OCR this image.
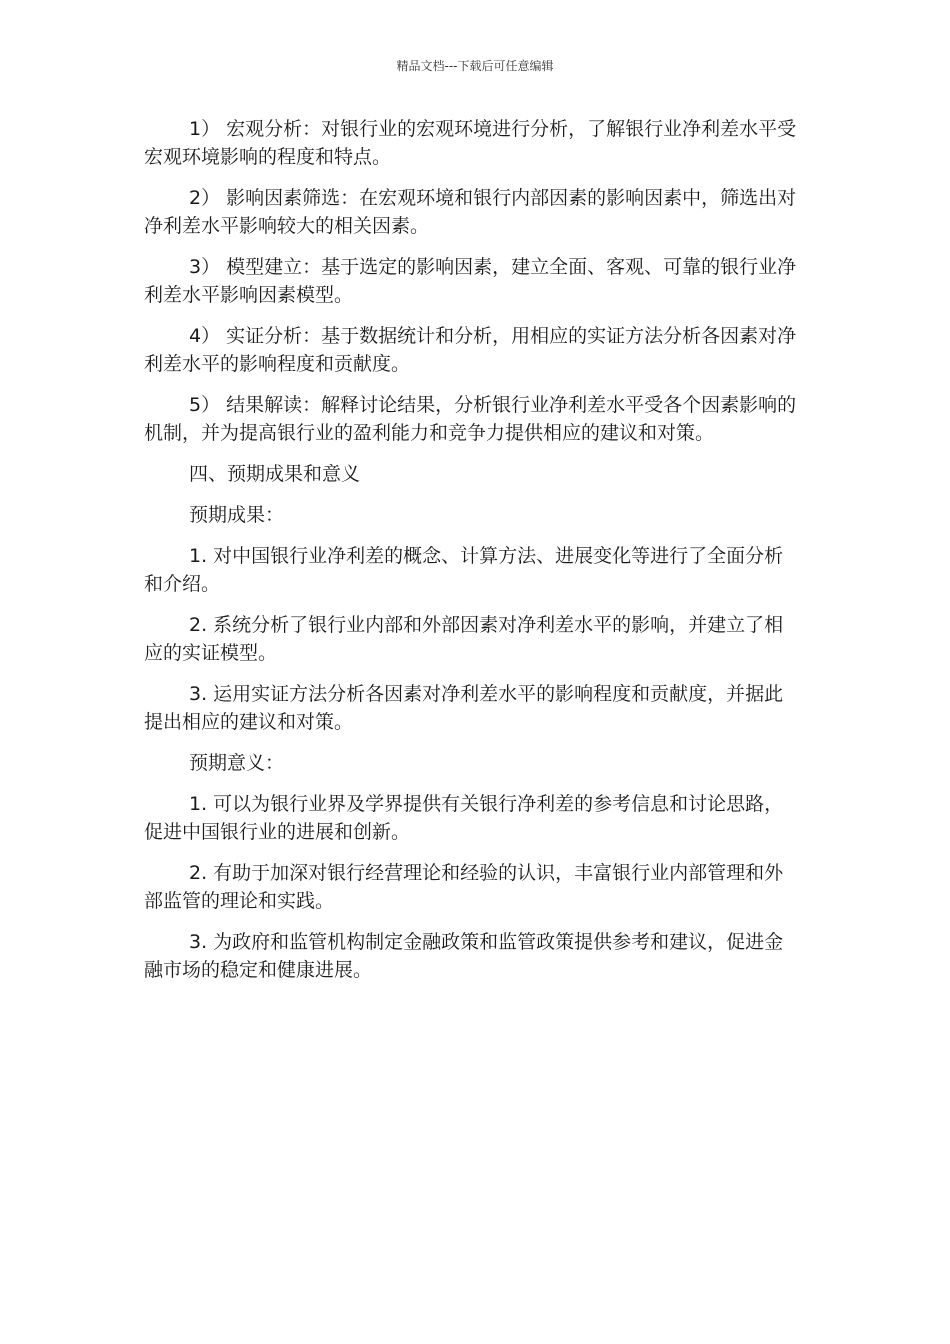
精品文档---下载后可任意编辑

1） 宏观分析：对银行业的宏观环境进行分析，了解银行业净利差水平受宏观环境影响的程度和特点。

2） 影响因素筛选：在宏观环境和银行内部因素的影响因素中，筛选出对净利差水平影响较大的相关因素。

3） 模型建立：基于选定的影响因素，建立全面、客观、可靠的银行业净利差水平影响因素模型。

4） 实证分析：基于数据统计和分析，用相应的实证方法分析各因素对净利差水平的影响程度和贡献度。

5） 结果解读：解释讨论结果，分析银行业净利差水平受各个因素影响的机制，并为提高银行业的盈利能力和竞争力提供相应的建议和对策。

四、预期成果和意义

预期成果：

1. 对中国银行业净利差的概念、计算方法、进展变化等进行了全面分析和介绍。

2. 系统分析了银行业内部和外部因素对净利差水平的影响，并建立了相应的实证模型。

3. 运用实证方法分析各因素对净利差水平的影响程度和贡献度，并据此提出相应的建议和对策。

预期意义：

1. 可以为银行业界及学界提供有关银行净利差的参考信息和讨论思路，促进中国银行业的进展和创新。

2. 有助于加深对银行经营理论和经验的认识，丰富银行业内部管理和外部监管的理论和实践。

3. 为政府和监管机构制定金融政策和监管政策提供参考和建议，促进金融市场的稳定和健康进展。
